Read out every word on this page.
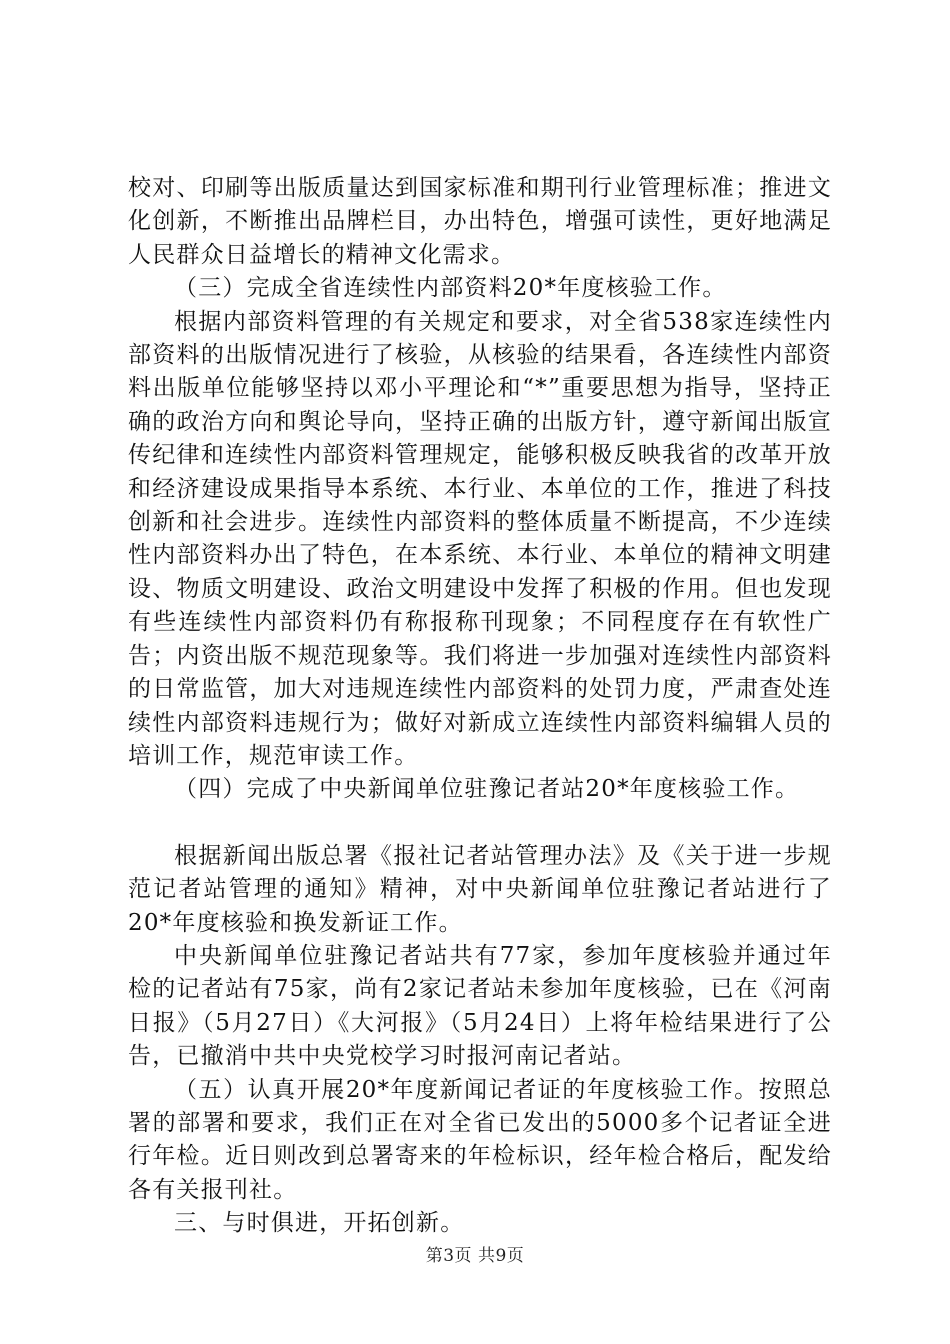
校对、印刷等出版质量达到国家标准和期刊行业管理标准；推进文化创新，不断推出品牌栏目，办出特色，增强可读性，更好地满足人民群众日益增长的精神文化需求。

（三）完成全省连续性内部资料20*年度核验工作。

根据内部资料管理的有关规定和要求，对全省538家连续性内部资料的出版情况进行了核验，从核验的结果看，各连续性内部资料出版单位能够坚持以邓小平理论和“*”重要思想为指导，坚持正确的政治方向和舆论导向，坚持正确的出版方针，遵守新闻出版宣传纪律和连续性内部资料管理规定，能够积极反映我省的改革开放和经济建设成果指导本系统、本行业、本单位的工作，推进了科技创新和社会进步。连续性内部资料的整体质量不断提高，不少连续性内部资料办出了特色，在本系统、本行业、本单位的精神文明建设、物质文明建设、政治文明建设中发挥了积极的作用。但也发现有些连续性内部资料仍有称报称刊现象；不同程度存在有软性广告；内资出版不规范现象等。我们将进一步加强对连续性内部资料的日常监管，加大对违规连续性内部资料的处罚力度，严肃查处连续性内部资料违规行为；做好对新成立连续性内部资料编辑人员的培训工作，规范审读工作。

（四）完成了中央新闻单位驻豫记者站20*年度核验工作。

根据新闻出版总署《报社记者站管理办法》及《关于进一步规范记者站管理的通知》精神，对中央新闻单位驻豫记者站进行了20*年度核验和换发新证工作。

中央新闻单位驻豫记者站共有77家，参加年度核验并通过年检的记者站有75家，尚有2家记者站未参加年度核验，已在《河南日报》（5月27日）《大河报》（5月24日）上将年检结果进行了公告，已撤消中共中央党校学习时报河南记者站。

（五）认真开展20*年度新闻记者证的年度核验工作。按照总署的部署和要求，我们正在对全省已发出的5000多个记者证全进行年检。近日则改到总署寄来的年检标识，经年检合格后，配发给各有关报刊社。

三、与时俱进，开拓创新。

第3页 共9页
